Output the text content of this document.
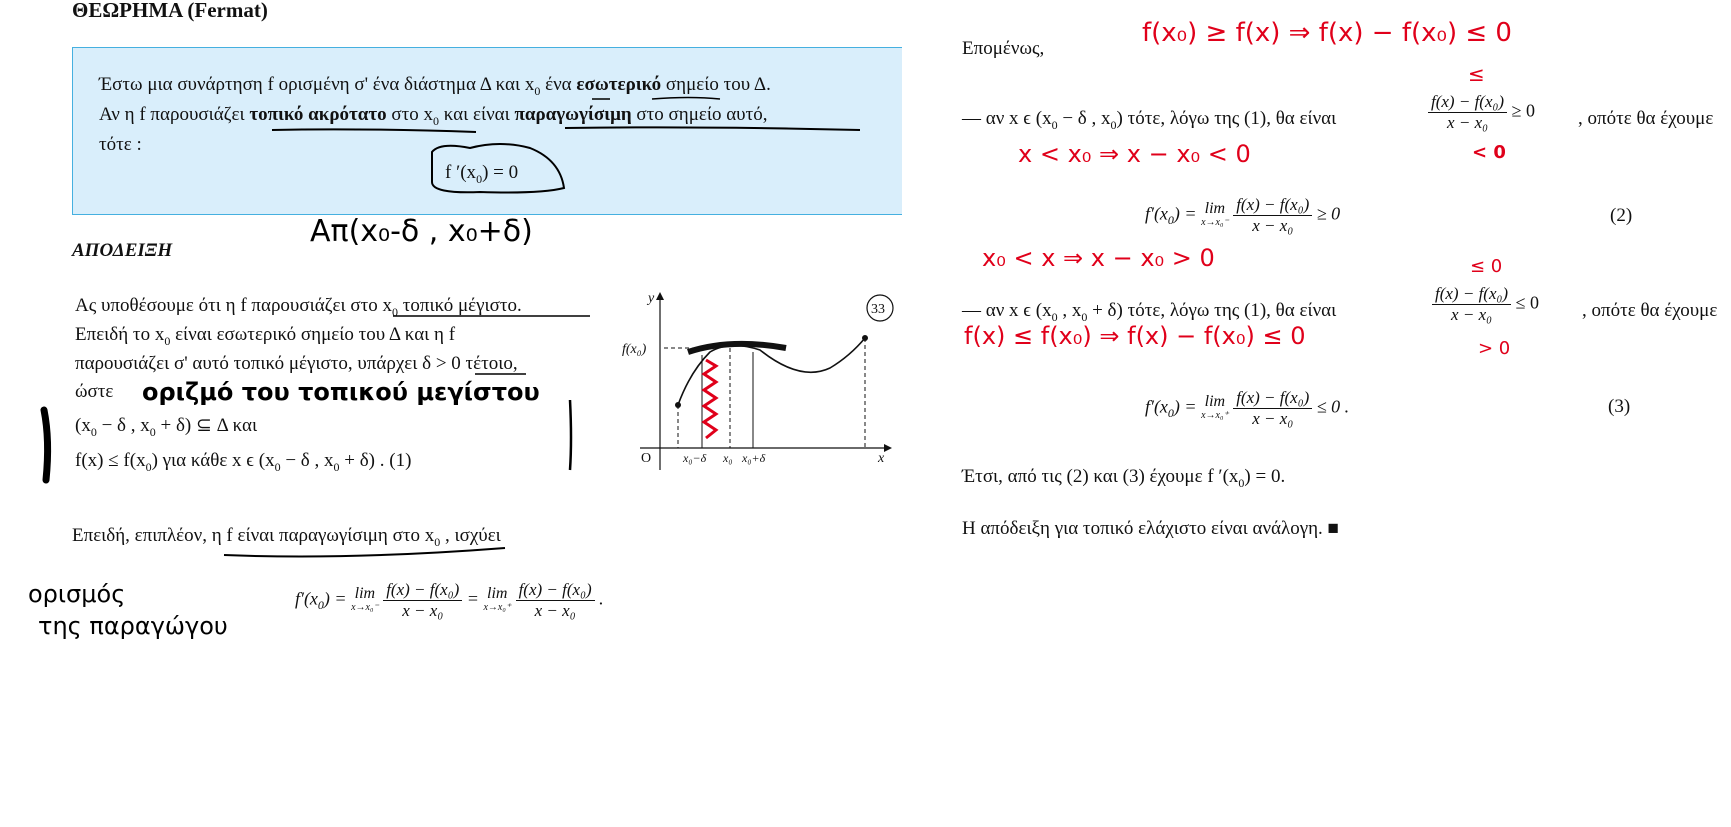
ΘΕΩΡΗΜΑ (Fermat)
Έστω μια συνάρτηση f ορισμένη σ' ένα διάστημα Δ και $x_0$ ένα εσωτερικό σημείο του Δ.
Αν η f παρουσιάζει τοπικό ακρότατο στο $x_0$ και είναι παραγωγίσιμη στο σημείο αυτό,
τότε :
f $'(x_0) = 0$
ΑΠΟΔΕΙΞΗ
Απ(x₀-δ , x₀+δ)
Ας υποθέσουμε ότι η f παρουσιάζει στο $x_0$ τοπικό μέγιστο.
Επειδή το $x_0$ είναι εσωτερικό σημείο του Δ και η f
παρουσιάζει σ' αυτό τοπικό μέγιστο, υπάρχει δ > 0 τέτοιο,
ώστε οριζμό του τοπικού μεγίστου
($x_0 - \delta$ , $x_0 + \delta$) ⊆ Δ και
$f(x) \le f(x_0)$ για κάθε x ϵ ($x_0 - \delta$ , $x_0 + \delta$) . (1)
Επειδή, επιπλέον, η f είναι παραγωγίσιμη στο $x_0$ , ισχύει
ορισμός
της παραγώγου
$f'(x_0) = \lim$
x→x₀⁻
$\frac{\text{f(x) − f(x₀)}}{\text{x − x₀}} = \lim$
x→x₀⁺
$\frac{\text{f(x) − f(x₀)}}{\text{x − x₀}}$ .
y
x
O
f(x₀)
x₀−δ x₀ x₀+δ
33
Επομένως,
— αν x ϵ ($x_0 - \delta$ , $x_0$) τότε, λόγω της (1), θα είναι	$\frac{\text{f(x) − f(x₀)}}{\text{x − x₀}} \ge 0$ , οπότε θα έχουμε
$f'(x_0) = \lim$
x→x₀⁻
$\frac{\text{f(x) − f(x₀)}}{\text{x − x₀}} \ge 0$	(2)
— αν x ϵ ($x_0$ , $x_0 + \delta$) τότε, λόγω της (1), θα είναι	$\frac{\text{f(x) − f(x₀)}}{\text{x − x₀}} \le 0$ , οπότε θα έχουμε
$f'(x_0) = \lim$
x→x₀⁺
$\frac{\text{f(x) − f(x₀)}}{\text{x − x₀}} \le 0$ .	(3)
Έτσι, από τις (2) και (3) έχουμε f $'(x_0) = 0$.
Η απόδειξη για τοπικό ελάχιστο είναι ανάλογη. ■
f(x₀) ≥ f(x) ⇒ f(x) − f(x₀) ≤ 0
≤
< 0
x < x₀ ⇒ x − x₀ < 0
x₀ < x ⇒ x − x₀ > 0	≤ 0
f(x) ≤ f(x₀) ⇒ f(x) − f(x₀) ≤ 0	> 0
